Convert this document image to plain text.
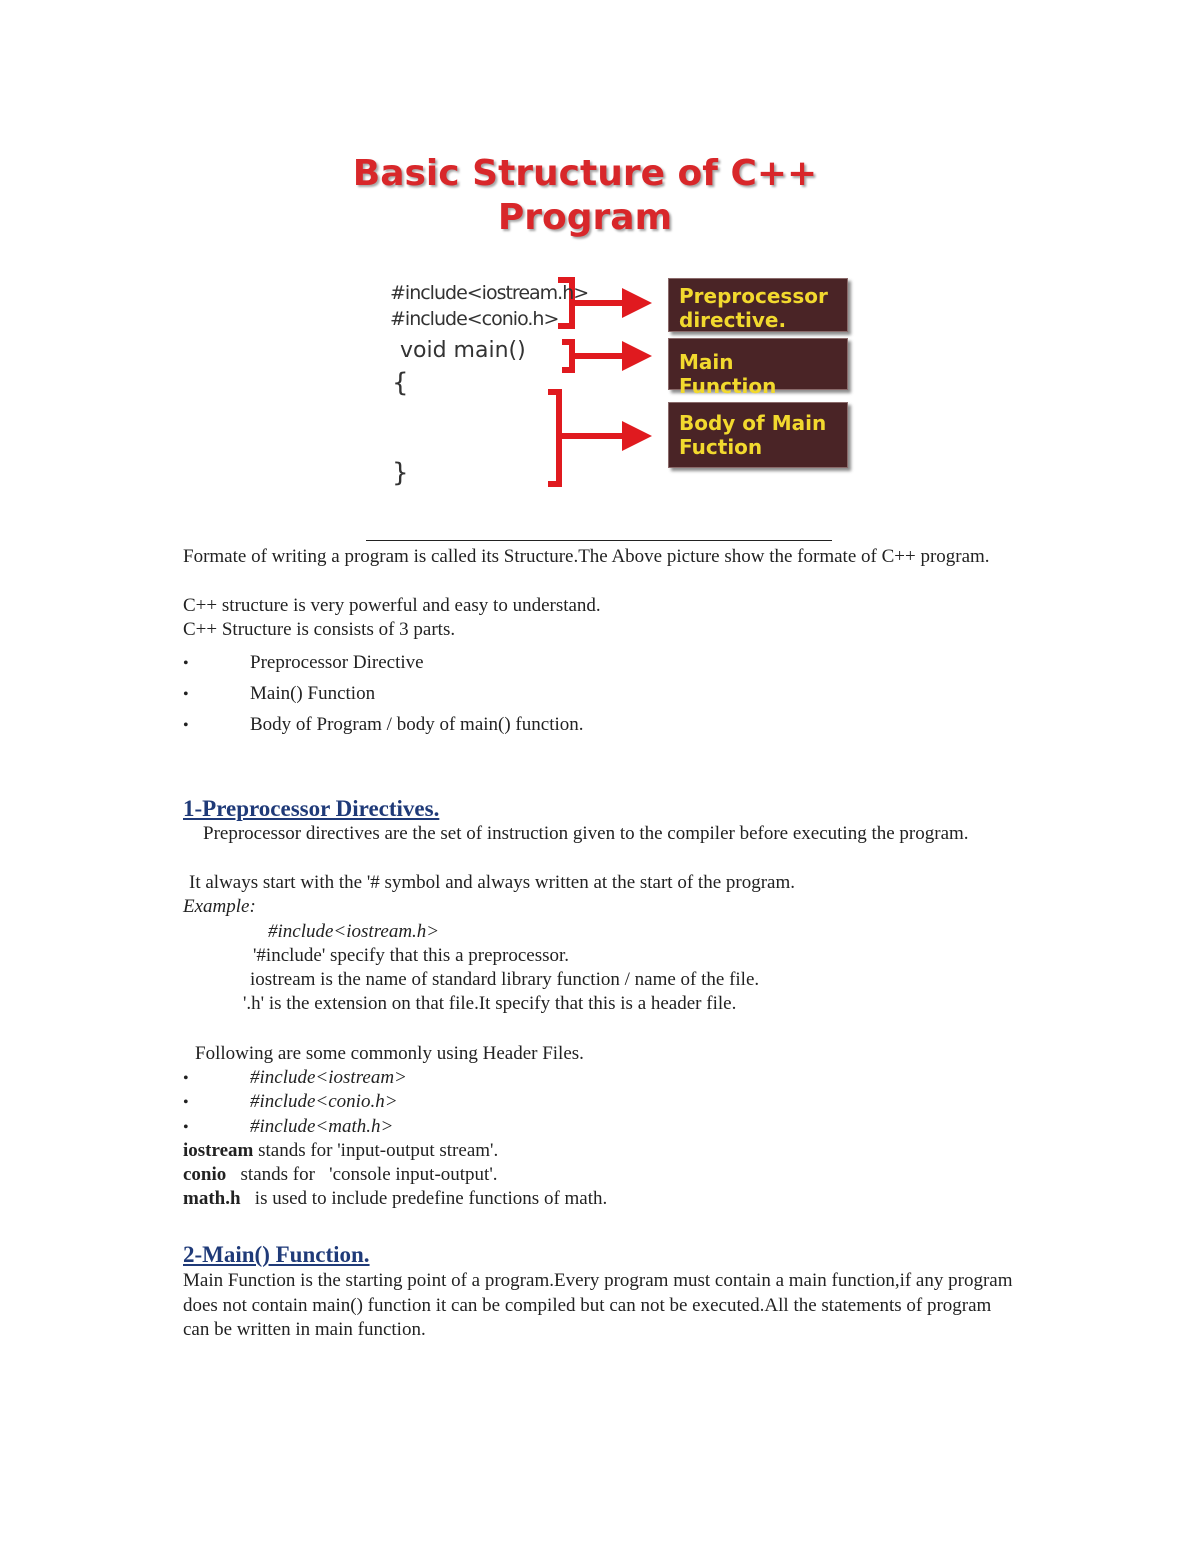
Basic Structure of C++
Program
#include<iostream.h>
#include<conio.h>
void main()
{
}
Preprocessor
directive.
Main Function
Body of Main
Fuction
Formate of writing a program is called its Structure.The Above picture show the formate of C++ program.
C++ structure is very powerful and easy to understand.
C++ Structure is consists of 3 parts.
•	Preprocessor Directive
•	Main() Function
•	Body of Program / body of main() function.
1-Preprocessor Directives.
Preprocessor directives are the set of instruction given to the compiler before executing the program.
It always start with the '# symbol and always written at the start of the program.
Example:
#include<iostream.h>
'#include' specify that this a preprocessor.
iostream is the name of standard library function / name of the file.
'.h' is the extension on that file.It specify that this is a header file.
Following are some commonly using Header Files.
•	#include<iostream>
•	#include<conio.h>
•	#include<math.h>
iostream stands for 'input-output stream'.
conio   stands for   'console input-output'.
math.h   is used to include predefine functions of math.
2-Main() Function.
Main Function is the starting point of a program.Every program must contain a main function,if any program does not contain main() function it can be compiled but can not be executed.All the statements of program can be written in main function.
